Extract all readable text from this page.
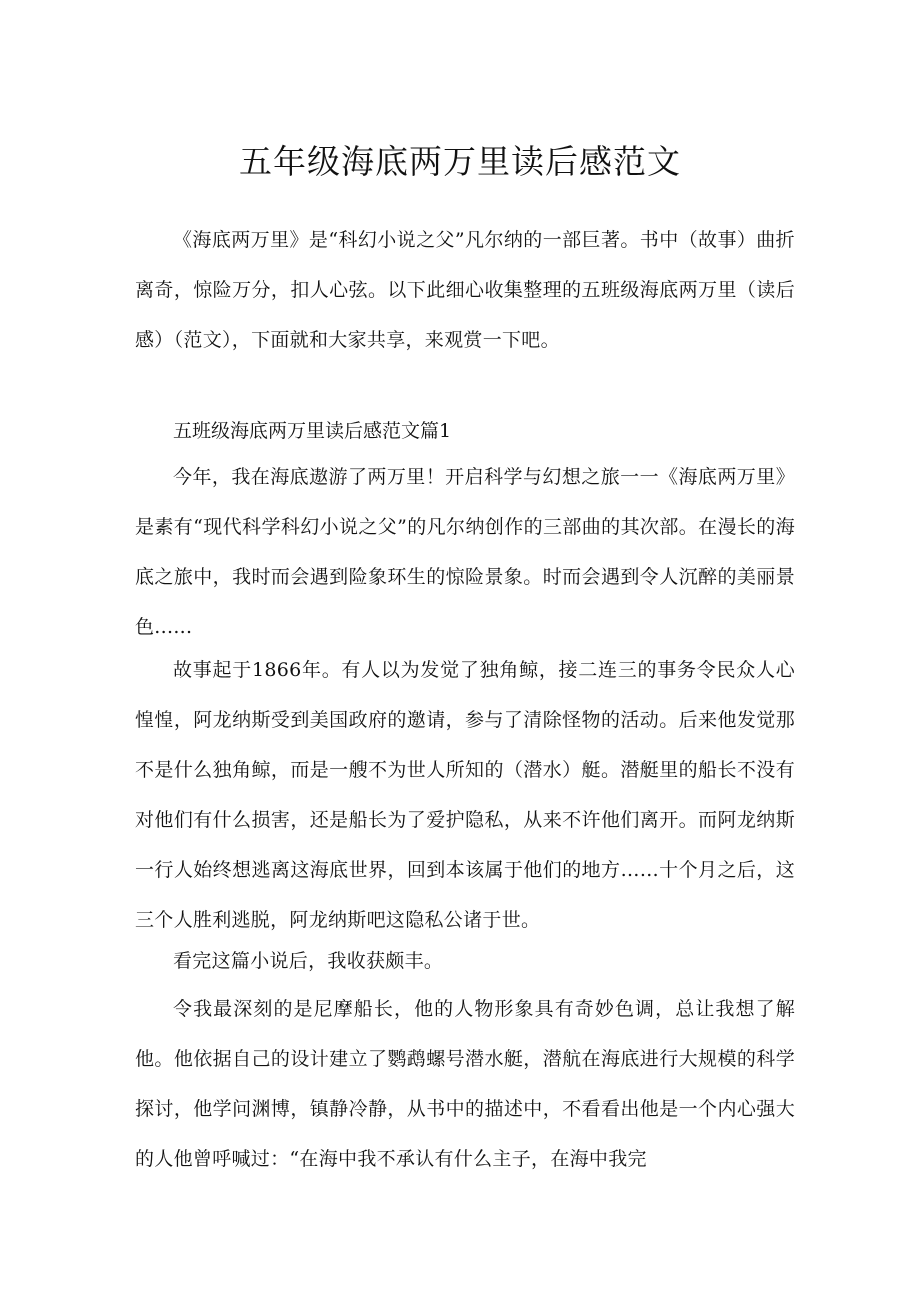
五年级海底两万里读后感范文

《海底两万里》是“科幻小说之父”凡尔纳的一部巨著。书中（故事）曲折离奇，惊险万分，扣人心弦。以下此细心收集整理的五班级海底两万里（读后感）（范文），下面就和大家共享，来观赏一下吧。

五班级海底两万里读后感范文篇1

今年，我在海底遨游了两万里！开启科学与幻想之旅一一《海底两万里》是素有“现代科学科幻小说之父”的凡尔纳创作的三部曲的其次部。在漫长的海底之旅中，我时而会遇到险象环生的惊险景象。时而会遇到令人沉醉的美丽景色......

故事起于1866年。有人以为发觉了独角鲸，接二连三的事务令民众人心惶惶，阿龙纳斯受到美国政府的邀请，参与了清除怪物的活动。后来他发觉那不是什么独角鲸，而是一艘不为世人所知的（潜水）艇。潜艇里的船长不没有对他们有什么损害，还是船长为了爱护隐私，从来不许他们离开。而阿龙纳斯一行人始终想逃离这海底世界，回到本该属于他们的地方……十个月之后，这三个人胜利逃脱，阿龙纳斯吧这隐私公诸于世。

看完这篇小说后，我收获颇丰。

令我最深刻的是尼摩船长，他的人物形象具有奇妙色调，总让我想了解他。他依据自己的设计建立了鹦鹉螺号潜水艇，潜航在海底进行大规模的科学探讨，他学问渊博，镇静冷静，从书中的描述中，不看看出他是一个内心强大的人他曾呼喊过：“在海中我不承认有什么主子，在海中我完
